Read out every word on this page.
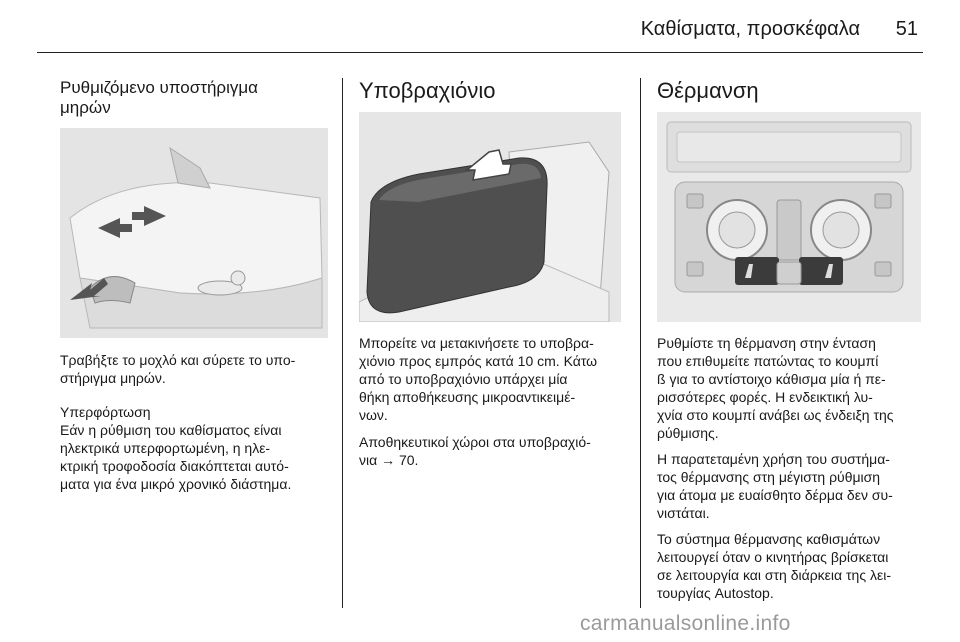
Καθίσματα, προσκέφαλα 51
Ρυθμιζόμενο υποστήριγμα
μηρών
Τραβήξτε το μοχλό και σύρετε το υπο-
στήριγμα μηρών.
Υπερφόρτωση
Εάν η ρύθμιση του καθίσματος είναι
ηλεκτρικά υπερφορτωμένη, η ηλε-
κτρική τροφοδοσία διακόπτεται αυτό-
ματα για ένα μικρό χρονικό διάστημα.
Υποβραχιόνιο
Μπορείτε να μετακινήσετε το υποβρα-
χιόνιο προς εμπρός κατά 10 cm. Κάτω
από το υποβραχιόνιο υπάρχει μία
θήκη αποθήκευσης μικροαντικειμέ-
νων.
Αποθηκευτικοί χώροι στα υποβραχιό-
νια → 70.
Θέρμανση
Ρυθμίστε τη θέρμανση στην ένταση
που επιθυμείτε πατώντας το κουμπί
ß για το αντίστοιχο κάθισμα μία ή πε-
ρισσότερες φορές. Η ενδεικτική λυ-
χνία στο κουμπί ανάβει ως ένδειξη της
ρύθμισης.
Η παρατεταμένη χρήση του συστήμα-
τος θέρμανσης στη μέγιστη ρύθμιση
για άτομα με ευαίσθητο δέρμα δεν συ-
νιστάται.
Το σύστημα θέρμανσης καθισμάτων
λειτουργεί όταν ο κινητήρας βρίσκεται
σε λειτουργία και στη διάρκεια της λει-
τουργίας Autostop.
carmanualsonline.info
